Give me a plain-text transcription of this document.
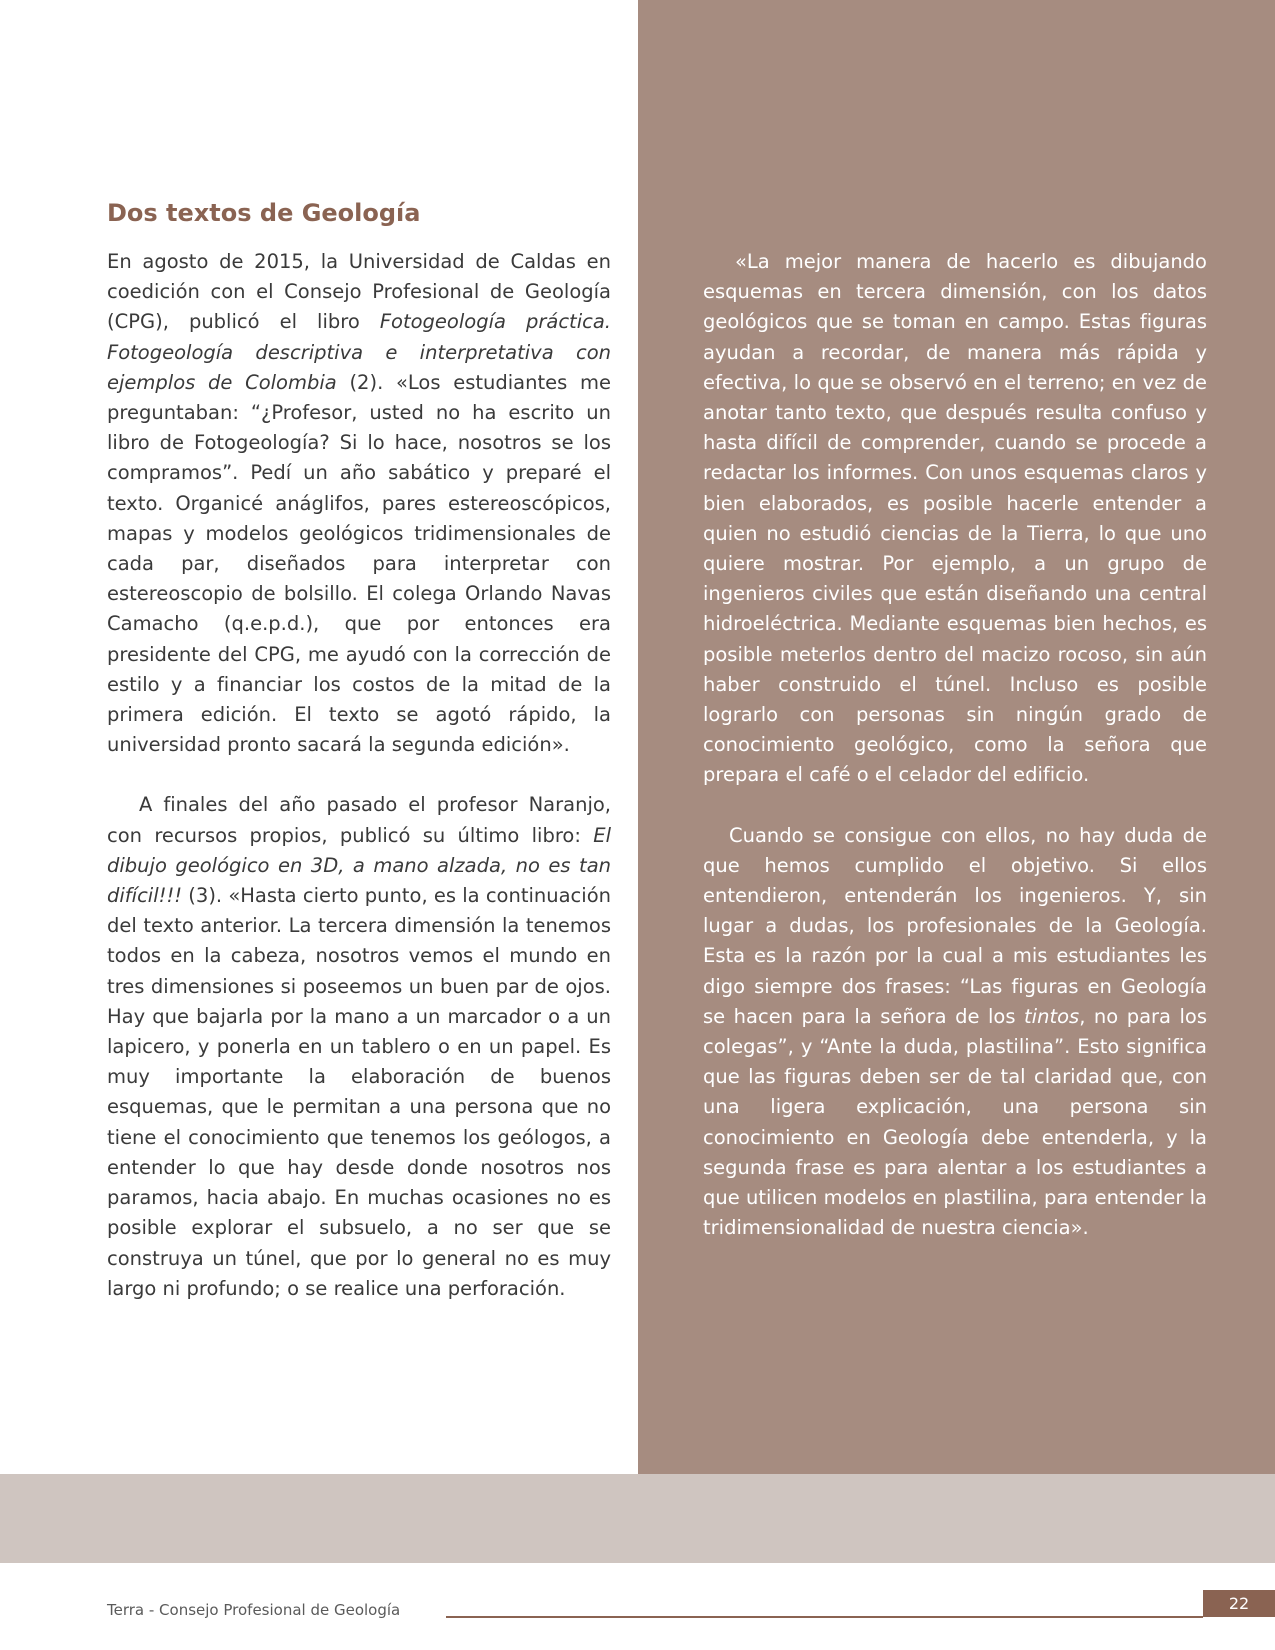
Dos textos de Geología

En agosto de 2015, la Universidad de Caldas en coedición con el Consejo Profesional de Geología (CPG), publicó el libro Fotogeología práctica. Fotogeología descriptiva e interpretativa con ejemplos de Colombia (2). «Los estudiantes me preguntaban: “¿Profesor, usted no ha escrito un libro de Fotogeología? Si lo hace, nosotros se los compramos”. Pedí un año sabático y preparé el texto. Organicé anáglifos, pares estereoscópicos, mapas y modelos geológicos tridimensionales de cada par, diseñados para interpretar con estereoscopio de bolsillo. El colega Orlando Navas Camacho (q.e.p.d.), que por entonces era presidente del CPG, me ayudó con la corrección de estilo y a financiar los costos de la mitad de la primera edición. El texto se agotó rápido, la universidad pronto sacará la segunda edición».

A finales del año pasado el profesor Naranjo, con recursos propios, publicó su último libro: El dibujo geológico en 3D, a mano alzada, no es tan difícil!!! (3). «Hasta cierto punto, es la continuación del texto anterior. La tercera dimensión la tenemos todos en la cabeza, nosotros vemos el mundo en tres dimensiones si poseemos un buen par de ojos. Hay que bajarla por la mano a un marcador o a un lapicero, y ponerla en un tablero o en un papel. Es muy importante la elaboración de buenos esquemas, que le permitan a una persona que no tiene el conocimiento que tenemos los geólogos, a entender lo que hay desde donde nosotros nos paramos, hacia abajo. En muchas ocasiones no es posible explorar el subsuelo, a no ser que se construya un túnel, que por lo general no es muy largo ni profundo; o se realice una perforación.

«La mejor manera de hacerlo es dibujando esquemas en tercera dimensión, con los datos geológicos que se toman en campo. Estas figuras ayudan a recordar, de manera más rápida y efectiva, lo que se observó en el terreno; en vez de anotar tanto texto, que después resulta confuso y hasta difícil de comprender, cuando se procede a redactar los informes. Con unos esquemas claros y bien elaborados, es posible hacerle entender a quien no estudió ciencias de la Tierra, lo que uno quiere mostrar. Por ejemplo, a un grupo de ingenieros civiles que están diseñando una central hidroeléctrica. Mediante esquemas bien hechos, es posible meterlos dentro del macizo rocoso, sin aún haber construido el túnel. Incluso es posible lograrlo con personas sin ningún grado de conocimiento geológico, como la señora que prepara el café o el celador del edificio.

Cuando se consigue con ellos, no hay duda de que hemos cumplido el objetivo. Si ellos entendieron, entenderán los ingenieros. Y, sin lugar a dudas, los profesionales de la Geología. Esta es la razón por la cual a mis estudiantes les digo siempre dos frases: “Las figuras en Geología se hacen para la señora de los tintos, no para los colegas”, y “Ante la duda, plastilina”. Esto significa que las figuras deben ser de tal claridad que, con una ligera explicación, una persona sin conocimiento en Geología debe entenderla, y la segunda frase es para alentar a los estudiantes a que utilicen modelos en plastilina, para entender la tridimensionalidad de nuestra ciencia».

Terra - Consejo Profesional de Geología	22
